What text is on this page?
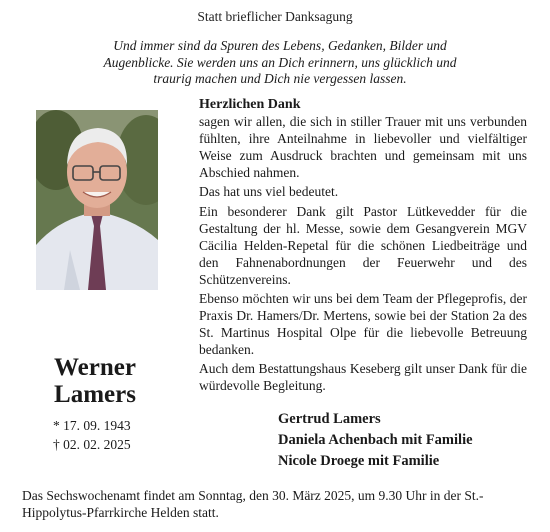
Statt brieflicher Danksagung
Und immer sind da Spuren des Lebens, Gedanken, Bilder und Augenblicke. Sie werden uns an Dich erinnern, uns glücklich und traurig machen und Dich nie vergessen lassen.
Werner
Lamers
* 17. 09. 1943
† 02. 02. 2025
Herzlichen Dank

sagen wir allen, die sich in stiller Trauer mit uns verbunden fühlten, ihre Anteilnahme in liebevoller und vielfältiger Weise zum Ausdruck brachten und gemeinsam mit uns Abschied nahmen.

Das hat uns viel bedeutet.

Ein besonderer Dank gilt Pastor Lütkevedder für die Gestaltung der hl. Messe, sowie dem Gesangverein MGV Cäcilia Helden-Repetal für die schönen Liedbeiträge und den Fahnenabordnungen der Feuerwehr und des Schützenvereins.

Ebenso möchten wir uns bei dem Team der Pflegeprofis, der Praxis Dr. Hamers/Dr. Mertens, sowie bei der Station 2a des St. Martinus Hospital Olpe für die liebevolle Betreuung bedanken.

Auch dem Bestattungshaus Keseberg gilt unser Dank für die würdevolle Begleitung.

Gertrud Lamers
Daniela Achenbach mit Familie
Nicole Droege mit Familie
Das Sechswochenamt findet am Sonntag, den 30. März 2025, um 9.30 Uhr in der St.-Hippolytus-Pfarrkirche Helden statt.
